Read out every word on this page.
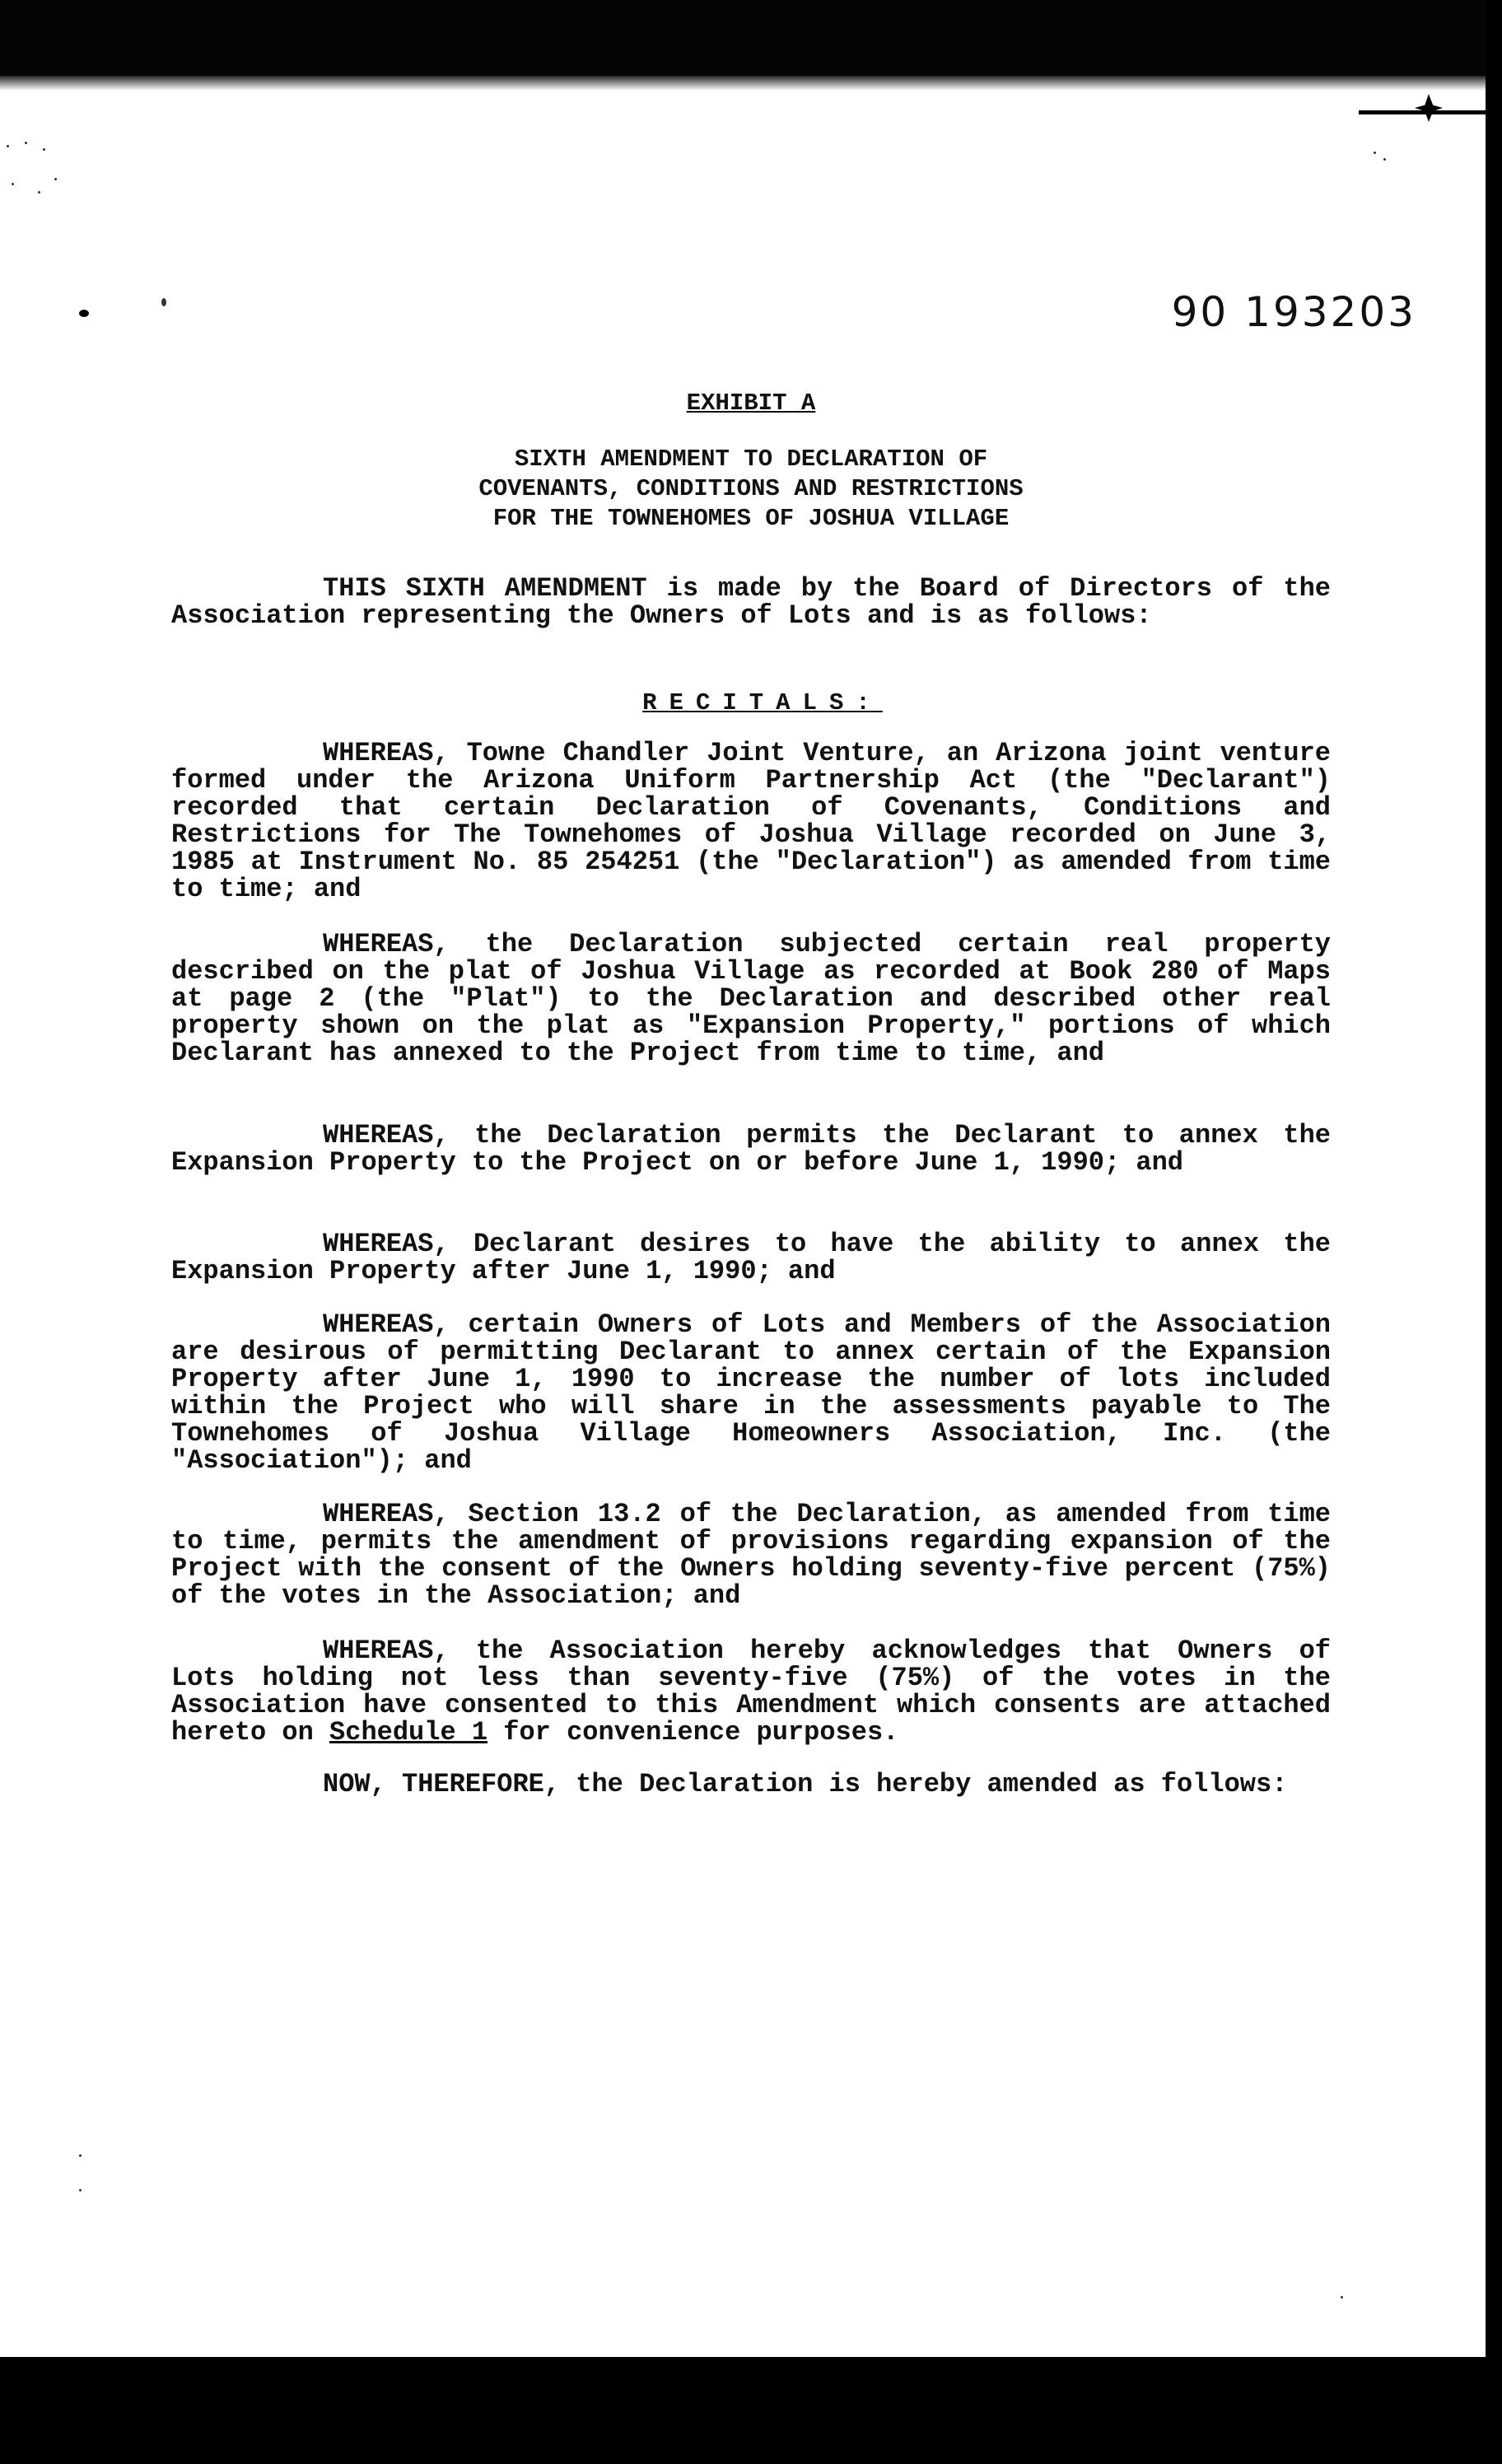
90 193203
EXHIBIT A
SIXTH AMENDMENT TO DECLARATION OF
COVENANTS, CONDITIONS AND RESTRICTIONS
FOR THE TOWNEHOMES OF JOSHUA VILLAGE

THIS SIXTH AMENDMENT is made by the Board of Directors of the Association representing the Owners of Lots and is as follows:

RECITALS:

WHEREAS, Towne Chandler Joint Venture, an Arizona joint venture formed under the Arizona Uniform Partnership Act (the "Declarant") recorded that certain Declaration of Covenants, Conditions and Restrictions for The Townehomes of Joshua Village recorded on June 3, 1985 at Instrument No. 85 254251 (the "Declaration") as amended from time to time; and

WHEREAS, the Declaration subjected certain real property described on the plat of Joshua Village as recorded at Book 280 of Maps at page 2 (the "Plat") to the Declaration and described other real property shown on the plat as "Expansion Property," portions of which Declarant has annexed to the Project from time to time, and

WHEREAS, the Declaration permits the Declarant to annex the Expansion Property to the Project on or before June 1, 1990; and

WHEREAS, Declarant desires to have the ability to annex the Expansion Property after June 1, 1990; and

WHEREAS, certain Owners of Lots and Members of the Association are desirous of permitting Declarant to annex certain of the Expansion Property after June 1, 1990 to increase the number of lots included within the Project who will share in the assessments payable to The Townehomes of Joshua Village Homeowners Association, Inc. (the "Association"); and

WHEREAS, Section 13.2 of the Declaration, as amended from time to time, permits the amendment of provisions regarding expansion of the Project with the consent of the Owners holding seventy-five percent (75%) of the votes in the Association; and

WHEREAS, the Association hereby acknowledges that Owners of Lots holding not less than seventy-five (75%) of the votes in the Association have consented to this Amendment which consents are attached hereto on Schedule 1 for convenience purposes.

NOW, THEREFORE, the Declaration is hereby amended as follows:
